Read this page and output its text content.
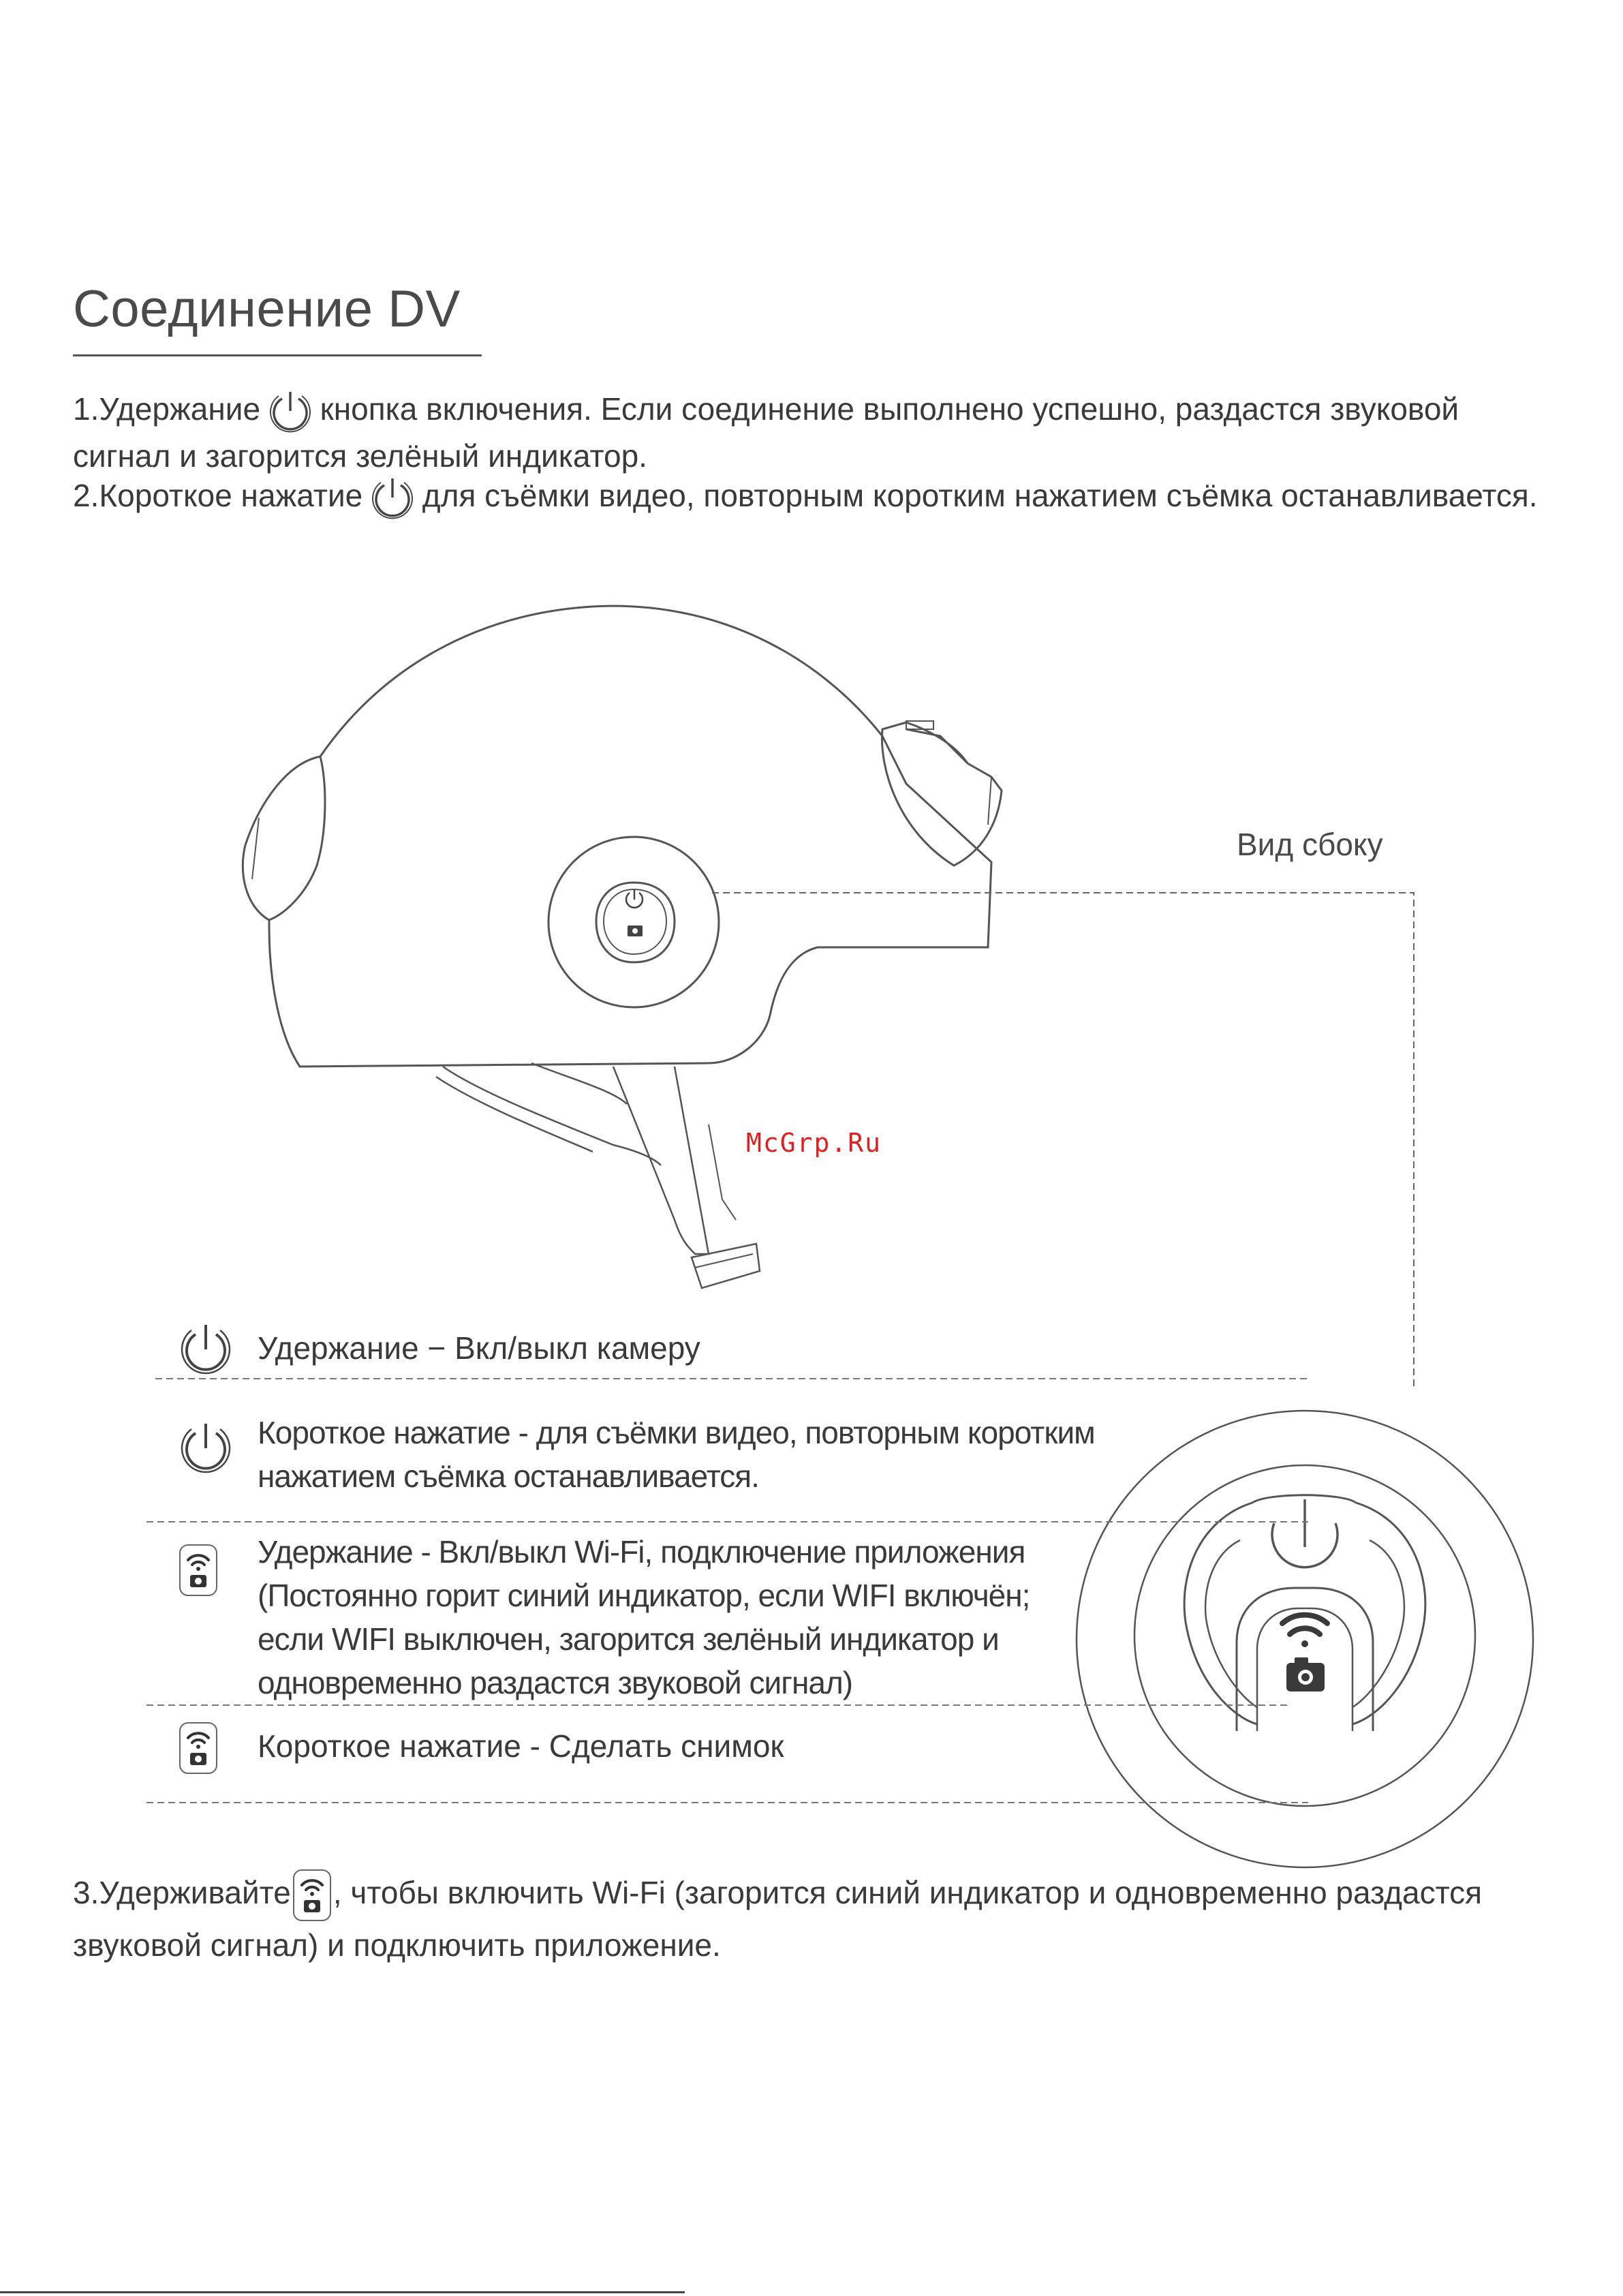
Соединение DV
1.Удержание кнопка включения. Если соединение выполнено успешно, раздастся звуковой
сигнал и загорится зелёный индикатор.
2.Короткое нажатие для съёмки видео, повторным коротким нажатием съёмка останавливается.
Вид сбоку
McGrp.Ru
Удержание − Вкл/выкл камеру
Короткое нажатие - для съёмки видео, повторным коротким
нажатием съёмка останавливается.
Удержание - Вкл/выкл Wi-Fi, подключение приложения
(Постоянно горит синий индикатор, если WIFI включён;
если WIFI выключен, загорится зелёный индикатор и
одновременно раздастся звуковой сигнал)
Короткое нажатие - Сделать снимок
3.Удерживайте , чтобы включить Wi-Fi (загорится синий индикатор и одновременно раздастся
звуковой сигнал) и подключить приложение.
